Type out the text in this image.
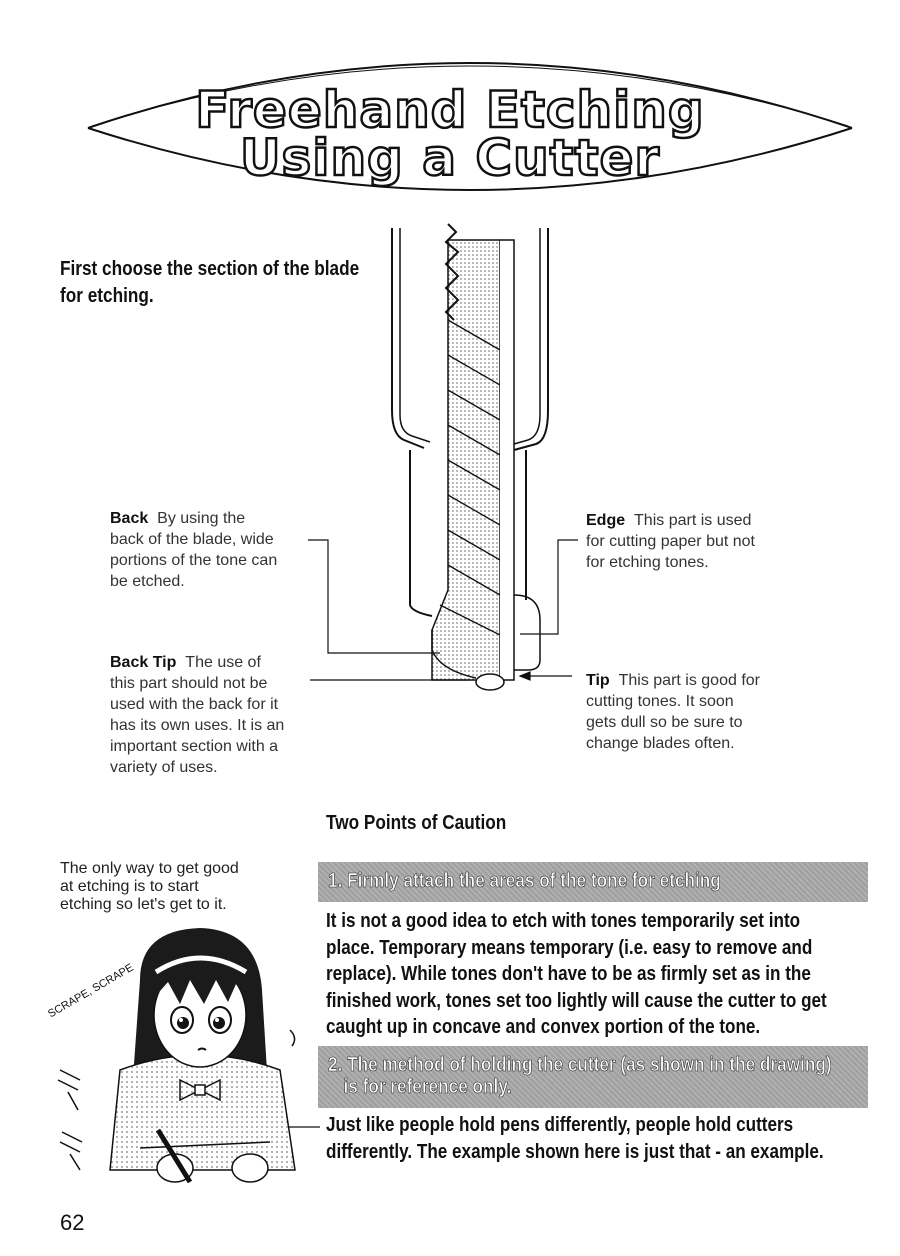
Freehand Etching
Using a Cutter
First choose the section of the blade
for etching.
Back By using the
back of the blade, wide
portions of the tone can
be etched.
Back Tip The use of
this part should not be
used with the back for it
has its own uses. It is an
important section with a
variety of uses.
Edge This part is used
for cutting paper but not
for etching tones.
Tip This part is good for
cutting tones. It soon
gets dull so be sure to
change blades often.
Two Points of Caution
1. Firmly attach the areas of the tone for etching
It is not a good idea to etch with tones temporarily set into
place. Temporary means temporary (i.e. easy to remove and
replace). While tones don't have to be as firmly set as in the
finished work, tones set too lightly will cause the cutter to get
caught up in concave and convex portion of the tone.
2. The method of holding the cutter (as shown in the drawing)
is for reference only.
Just like people hold pens differently, people hold cutters
differently. The example shown here is just that - an example.
The only way to get good
at etching is to start
etching so let's get to it.
SCRAPE, SCRAPE
62
